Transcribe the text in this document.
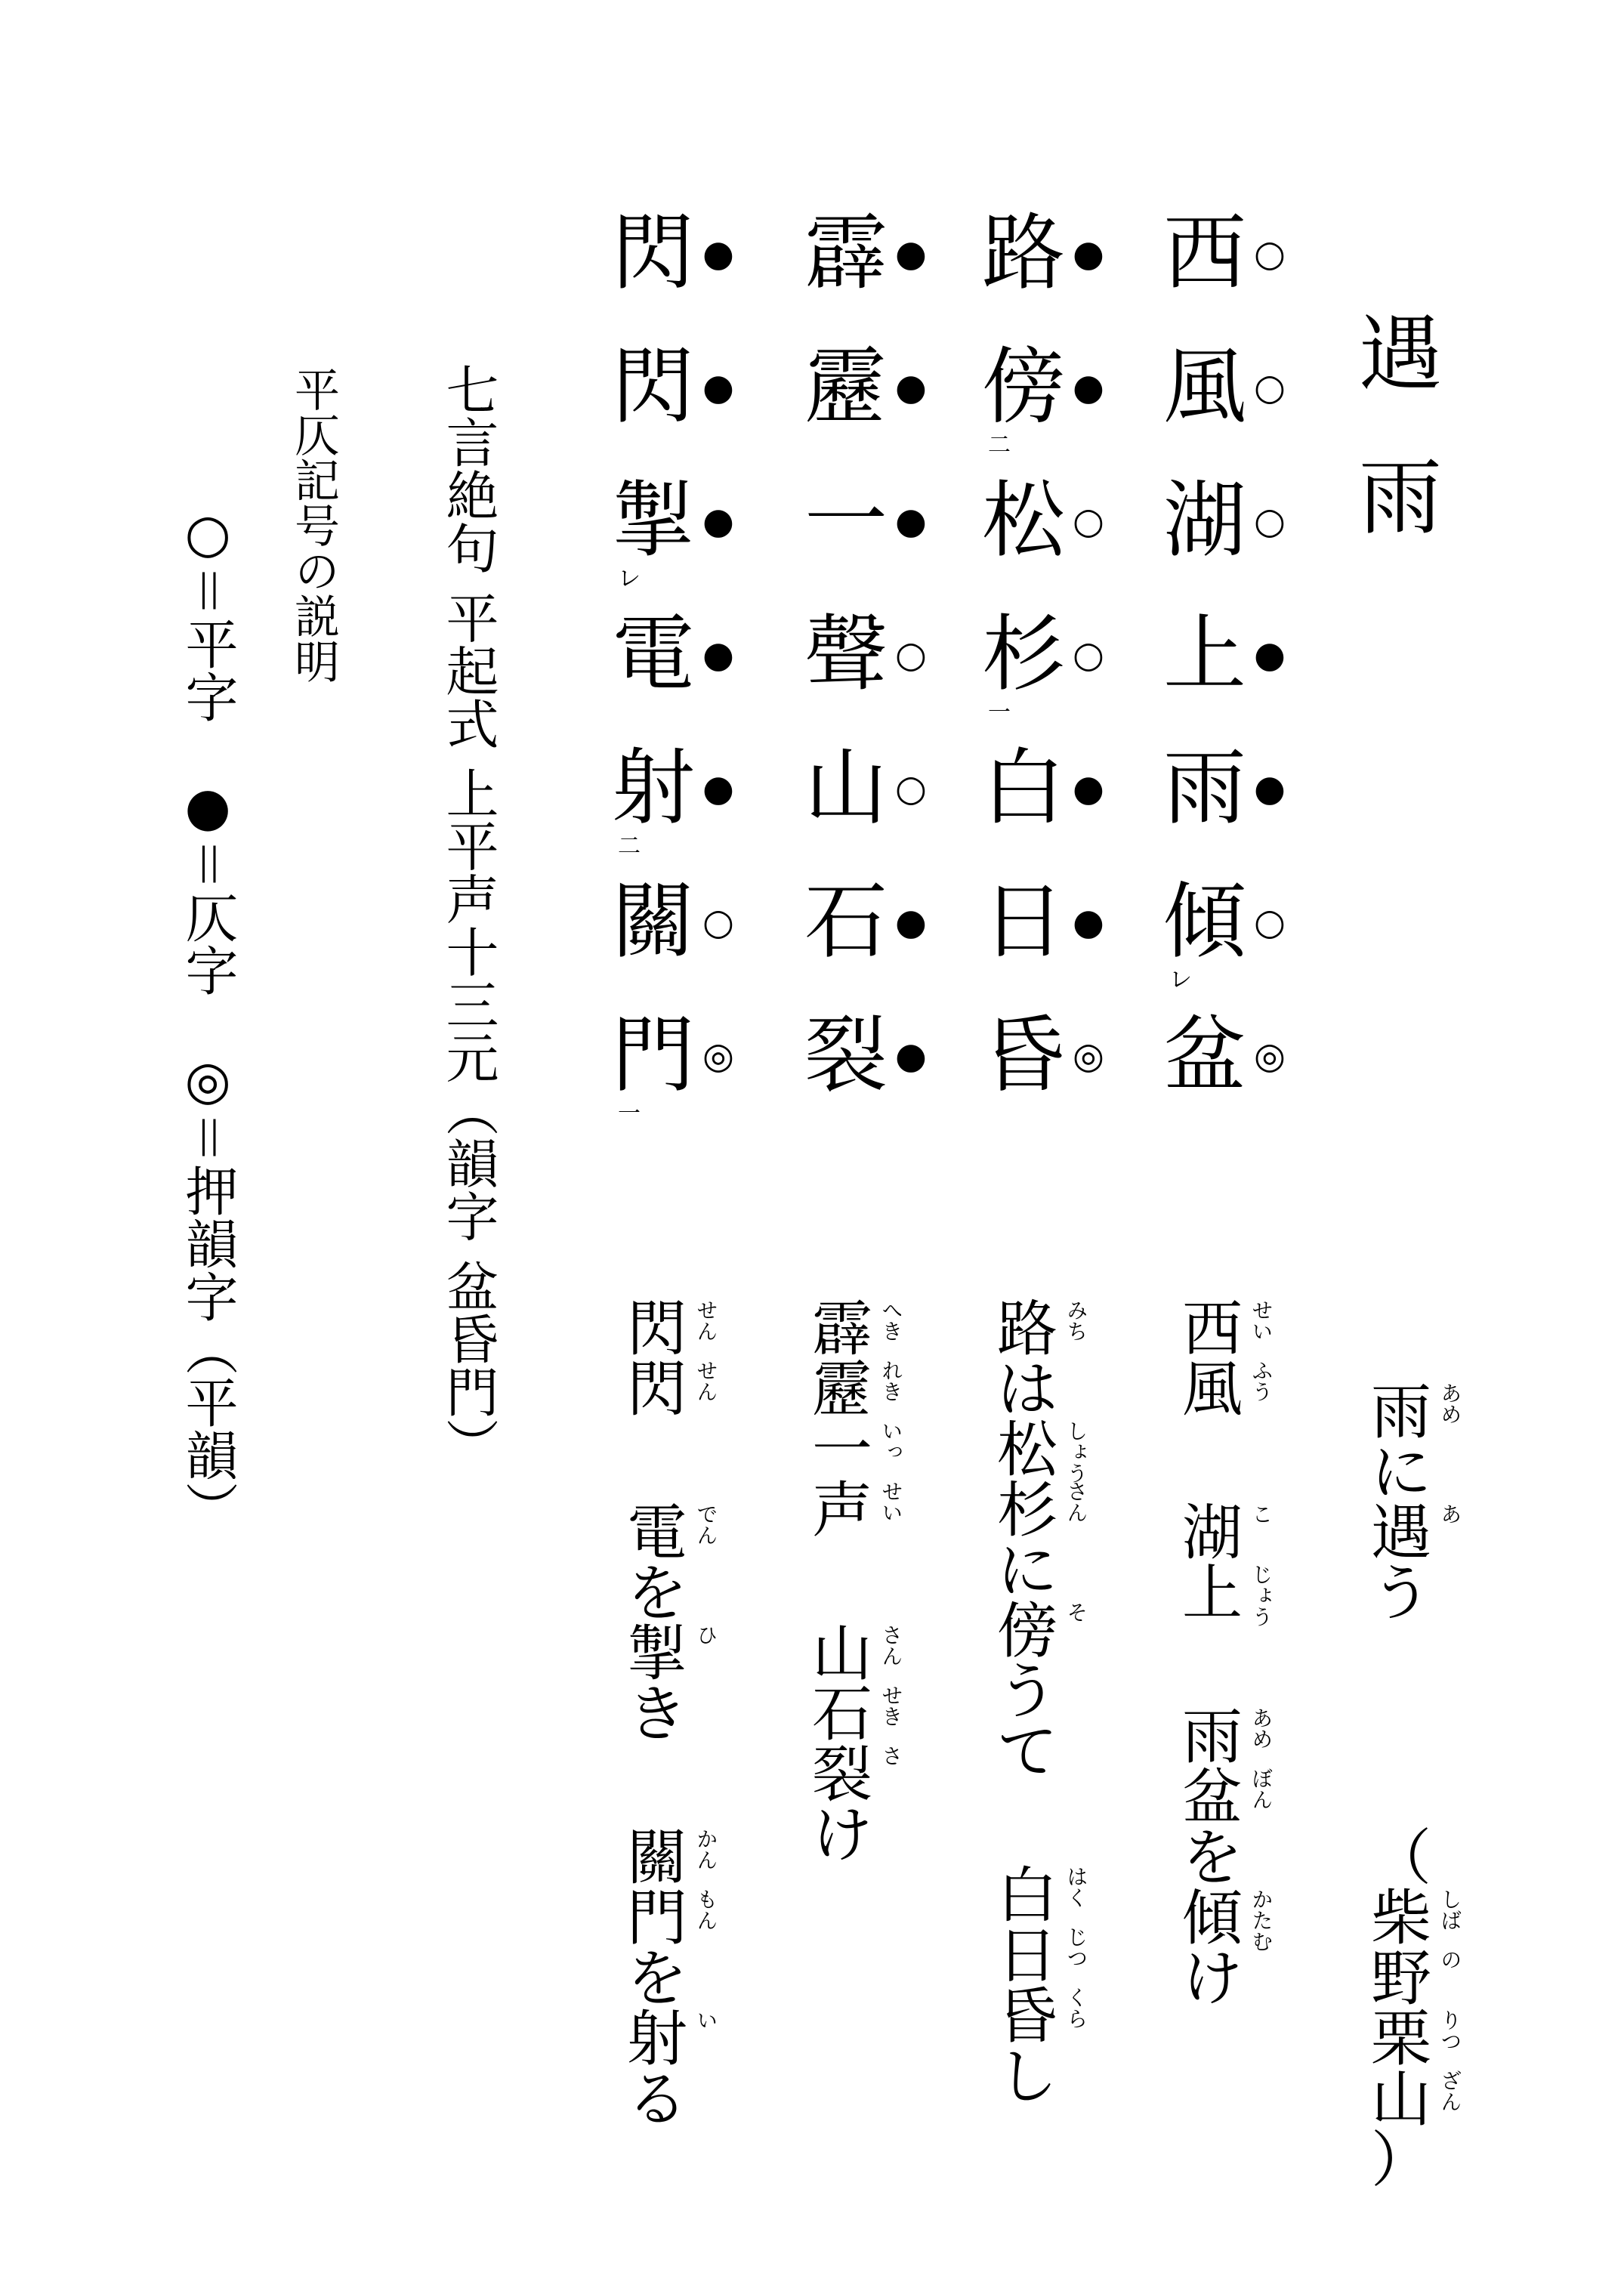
遇雨
西 ○
風 ○
湖 ○
上 ●
雨 ●
傾 ○
レ
盆 ◎
路 ●
傍 ●
二
松 ○
杉 ○
一
白 ●
日 ●
昏 ◎
霹 ●
靂 ●
一 ●
聲 ○
山 ○
石 ●
裂 ●
閃 ●
閃 ●
掣 ●
レ
電 ●
射 ●
二
關 ○
門 ◎
一
雨 あめ
に
遇 あ
う
（
柴 しば
野 の
栗 りつ
山 ざん
）
西 せい
風 ふう
湖 こ
上 じょう
雨 あめ
盆 ぼん
を
傾 かたむ
け
路 みち
は
松 しょう
杉 さん
に
傍 そ
う
て
白 はく
日 じつ
昏 くら
し
霹 へき
靂 れき
一 いっ
声 せい
山 さん
石 せき
裂 さ
け
閃 せん
閃 せん
電 でん
を
掣 ひ
き
關 かん
門 もん
を
射 い
る
七言絶句 平起式 上平声十三元（韻字 盆昏門）
平仄記号の説明
○＝平字　●＝仄字　◎＝押韻字（平韻）
